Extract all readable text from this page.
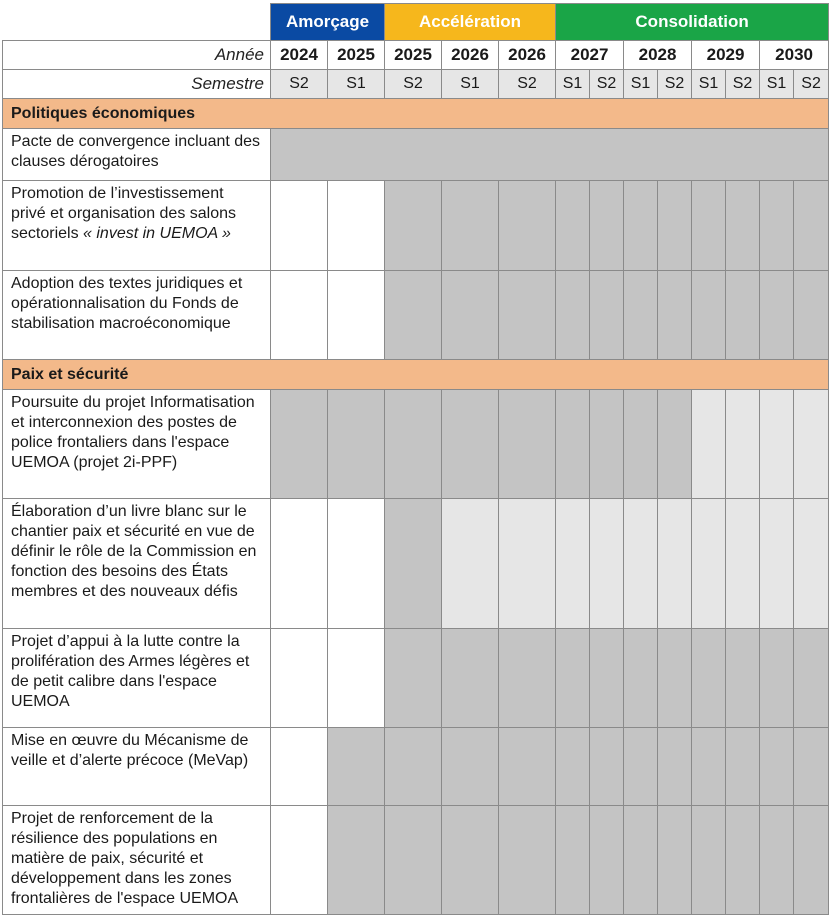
	Amorçage		Accélération			Consolidation							
Année	2024	2025	2025	2026	2026	2027		2028		2029		2030	
Semestre	S2	S1	S2	S1	S2	S1	S2	S1	S2	S1	S2	S1	S2
Politiques économiques													
Pacte de convergence incluant des clauses dérogatoires													
Promotion de l’investissement privé et organisation des salons sectoriels « invest in UEMOA »													
Adoption des textes juridiques et opérationnalisation du Fonds de stabilisation macroéconomique													
Paix et sécurité													
Poursuite du projet Informatisation et interconnexion des postes de police frontaliers dans l'espace UEMOA (projet 2i-PPF)													
Élaboration d’un livre blanc sur le chantier paix et sécurité en vue de définir le rôle de la Commission en fonction des besoins des États membres et des nouveaux défis													
Projet d’appui à la lutte contre la prolifération des Armes légères et de petit calibre dans l'espace UEMOA													
Mise en œuvre du Mécanisme de veille et d’alerte précoce (MeVap)													
Projet de renforcement de la résilience des populations en matière de paix, sécurité et développement dans les zones frontalières de l'espace UEMOA													
